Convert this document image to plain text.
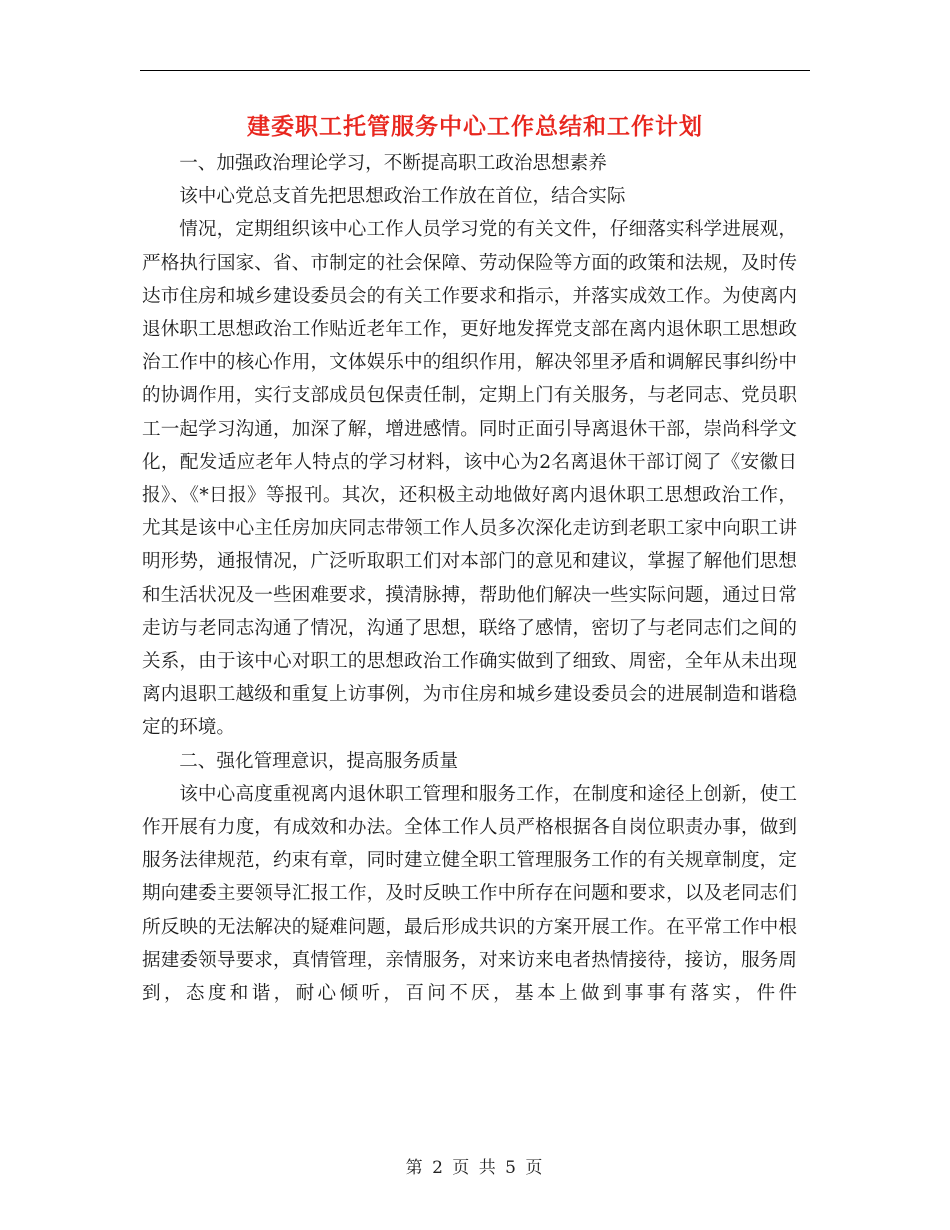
建委职工托管服务中心工作总结和工作计划

一、加强政治理论学习，不断提高职工政治思想素养

该中心党总支首先把思想政治工作放在首位，结合实际

情况，定期组织该中心工作人员学习党的有关文件，仔细落实科学进展观，严格执行国家、省、市制定的社会保障、劳动保险等方面的政策和法规，及时传达市住房和城乡建设委员会的有关工作要求和指示，并落实成效工作。为使离内退休职工思想政治工作贴近老年工作，更好地发挥党支部在离内退休职工思想政治工作中的核心作用，文体娱乐中的组织作用，解决邻里矛盾和调解民事纠纷中的协调作用，实行支部成员包保责任制，定期上门有关服务，与老同志、党员职工一起学习沟通，加深了解，增进感情。同时正面引导离退休干部，崇尚科学文化，配发适应老年人特点的学习材料，该中心为2名离退休干部订阅了《安徽日报》、《*日报》等报刊。其次，还积极主动地做好离内退休职工思想政治工作，尤其是该中心主任房加庆同志带领工作人员多次深化走访到老职工家中向职工讲明形势，通报情况，广泛听取职工们对本部门的意见和建议，掌握了解他们思想和生活状况及一些困难要求，摸清脉搏，帮助他们解决一些实际问题，通过日常走访与老同志沟通了情况，沟通了思想，联络了感情，密切了与老同志们之间的关系，由于该中心对职工的思想政治工作确实做到了细致、周密，全年从未出现离内退职工越级和重复上访事例，为市住房和城乡建设委员会的进展制造和谐稳定的环境。

二、强化管理意识，提高服务质量

该中心高度重视离内退休职工管理和服务工作，在制度和途径上创新，使工作开展有力度，有成效和办法。全体工作人员严格根据各自岗位职责办事，做到服务法律规范，约束有章，同时建立健全职工管理服务工作的有关规章制度，定期向建委主要领导汇报工作，及时反映工作中所存在问题和要求，以及老同志们所反映的无法解决的疑难问题，最后形成共识的方案开展工作。在平常工作中根据建委领导要求，真情管理，亲情服务，对来访来电者热情接待，接访，服务周到，态度和谐，耐心倾听，百问不厌，基本上做到事事有落实，件件

第 2 页 共 5 页
